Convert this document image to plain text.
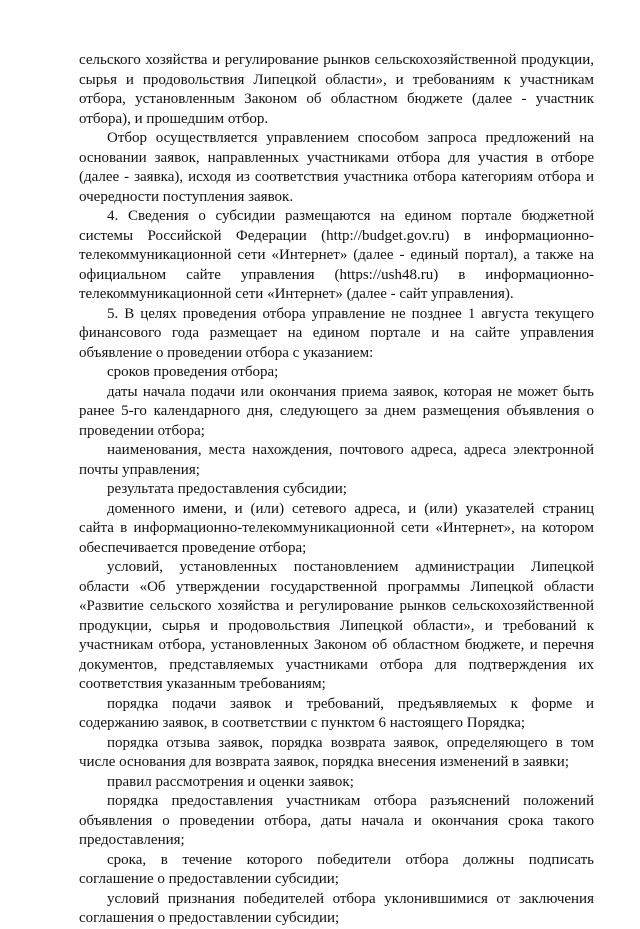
сельского хозяйства и регулирование рынков сельскохозяйственной продукции, сырья и продовольствия Липецкой области», и требованиям к участникам отбора, установленным Законом об областном бюджете (далее - участник отбора), и прошедшим отбор.

Отбор осуществляется управлением способом запроса предложений на основании заявок, направленных участниками отбора для участия в отборе (далее - заявка), исходя из соответствия участника отбора категориям отбора и очередности поступления заявок.

4. Сведения о субсидии размещаются на едином портале бюджетной системы Российской Федерации (http://budget.gov.ru) в информационно-телекоммуникационной сети «Интернет» (далее - единый портал), а также на официальном сайте управления (https://ush48.ru) в информационно-телекоммуникационной сети «Интернет» (далее - сайт управления).

5. В целях проведения отбора управление не позднее 1 августа текущего финансового года размещает на едином портале и на сайте управления объявление о проведении отбора с указанием:

сроков проведения отбора;

даты начала подачи или окончания приема заявок, которая не может быть ранее 5-го календарного дня, следующего за днем размещения объявления о проведении отбора;

наименования, места нахождения, почтового адреса, адреса электронной почты управления;

результата предоставления субсидии;

доменного имени, и (или) сетевого адреса, и (или) указателей страниц сайта в информационно-телекоммуникационной сети «Интернет», на котором обеспечивается проведение отбора;

условий, установленных постановлением администрации Липецкой области «Об утверждении государственной программы Липецкой области «Развитие сельского хозяйства и регулирование рынков сельскохозяйственной продукции, сырья и продовольствия Липецкой области», и требований к участникам отбора, установленных Законом об областном бюджете, и перечня документов, представляемых участниками отбора для подтверждения их соответствия указанным требованиям;

порядка подачи заявок и требований, предъявляемых к форме и содержанию заявок, в соответствии с пунктом 6 настоящего Порядка;

порядка отзыва заявок, порядка возврата заявок, определяющего в том числе основания для возврата заявок, порядка внесения изменений в заявки;

правил рассмотрения и оценки заявок;

порядка предоставления участникам отбора разъяснений положений объявления о проведении отбора, даты начала и окончания срока такого предоставления;

срока, в течение которого победители отбора должны подписать соглашение о предоставлении субсидии;

условий признания победителей отбора уклонившимися от заключения соглашения о предоставлении субсидии;
